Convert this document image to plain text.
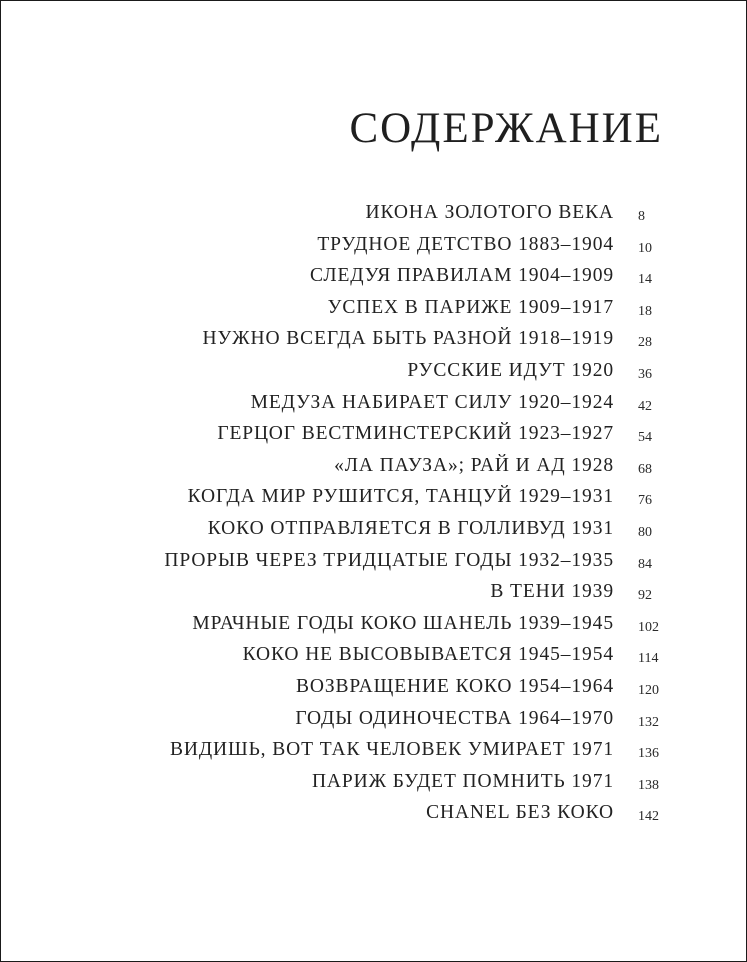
СОДЕРЖАНИЕ
ИКОНА ЗОЛОТОГО ВЕКА 8
ТРУДНОЕ ДЕТСТВО 1883–1904 10
СЛЕДУЯ ПРАВИЛАМ 1904–1909 14
УСПЕХ В ПАРИЖЕ 1909–1917 18
НУЖНО ВСЕГДА БЫТЬ РАЗНОЙ 1918–1919 28
РУССКИЕ ИДУТ 1920 36
МЕДУЗА НАБИРАЕТ СИЛУ 1920–1924 42
ГЕРЦОГ ВЕСТМИНСТЕРСКИЙ 1923–1927 54
«ЛА ПАУЗА»; РАЙ И АД 1928 68
КОГДА МИР РУШИТСЯ, ТАНЦУЙ 1929–1931 76
КОКО ОТПРАВЛЯЕТСЯ В ГОЛЛИВУД 1931 80
ПРОРЫВ ЧЕРЕЗ ТРИДЦАТЫЕ ГОДЫ 1932–1935 84
В ТЕНИ 1939 92
МРАЧНЫЕ ГОДЫ КОКО ШАНЕЛЬ 1939–1945 102
КОКО НЕ ВЫСОВЫВАЕТСЯ 1945–1954 114
ВОЗВРАЩЕНИЕ КОКО 1954–1964 120
ГОДЫ ОДИНОЧЕСТВА 1964–1970 132
ВИДИШЬ, ВОТ ТАК ЧЕЛОВЕК УМИРАЕТ 1971 136
ПАРИЖ БУДЕТ ПОМНИТЬ 1971 138
CHANEL БЕЗ КОКО 142
